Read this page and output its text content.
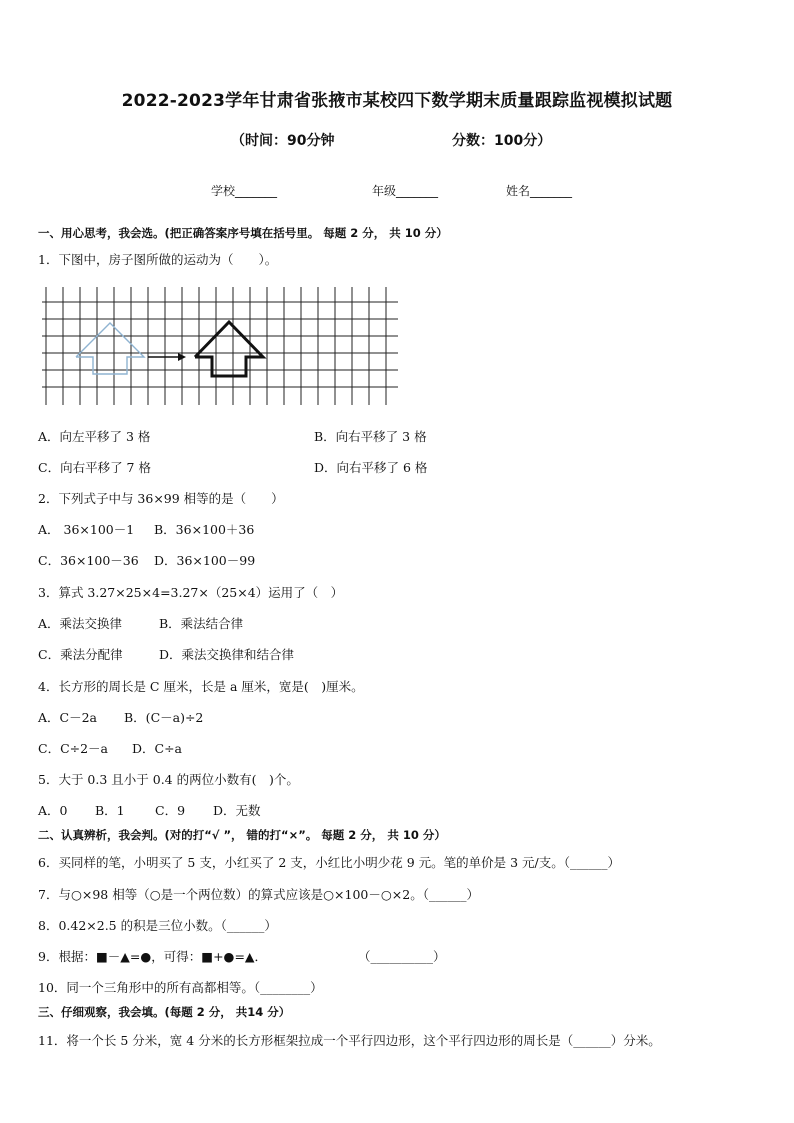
2022-2023学年甘肃省张掖市某校四下数学期末质量跟踪监视模拟试题
（时间：90分钟	分数：100分）
学校_______	年级_______	姓名_______
一、用心思考，我会选。(把正确答案序号填在括号里。 每题 2 分， 共 10 分）
1．下图中，房子图所做的运动为（　　）。
A．向左平移了 3 格	B．向右平移了 3 格
C．向右平移了 7 格	D．向右平移了 6 格
2．下列式子中与 36×99 相等的是（　　）
A． 36×100－1 B．36×100＋36
C．36×100－36 D．36×100－99
3．算式 3.27×25×4=3.27×（25×4）运用了（　）
A．乘法交换律	B．乘法结合律
C．乘法分配律	D．乘法交换律和结合律
4．长方形的周长是 C 厘米，长是 a 厘米，宽是(　)厘米。
A．C－2a B．(C－a)÷2
C．C÷2－a D．C÷a
5．大于 0.3 且小于 0.4 的两位小数有(　)个。
A．0 B．1 C．9 D．无数
二、认真辨析，我会判。(对的打“√ ”， 错的打“×”。 每题 2 分， 共 10 分）
6．买同样的笔，小明买了 5 支，小红买了 2 支，小红比小明少花 9 元。笔的单价是 3 元/支。（______）
7．与○×98 相等（○是一个两位数）的算式应该是○×100－○×2。（______）
8．0.42×2.5 的积是三位小数。（______）
9．根据：■－▲=●，可得：■+●=▲．	（__________）
10．同一个三角形中的所有高都相等。（________）
三、仔细观察，我会填。(每题 2 分， 共14 分）
11．将一个长 5 分米，宽 4 分米的长方形框架拉成一个平行四边形，这个平行四边形的周长是（______）分米。
